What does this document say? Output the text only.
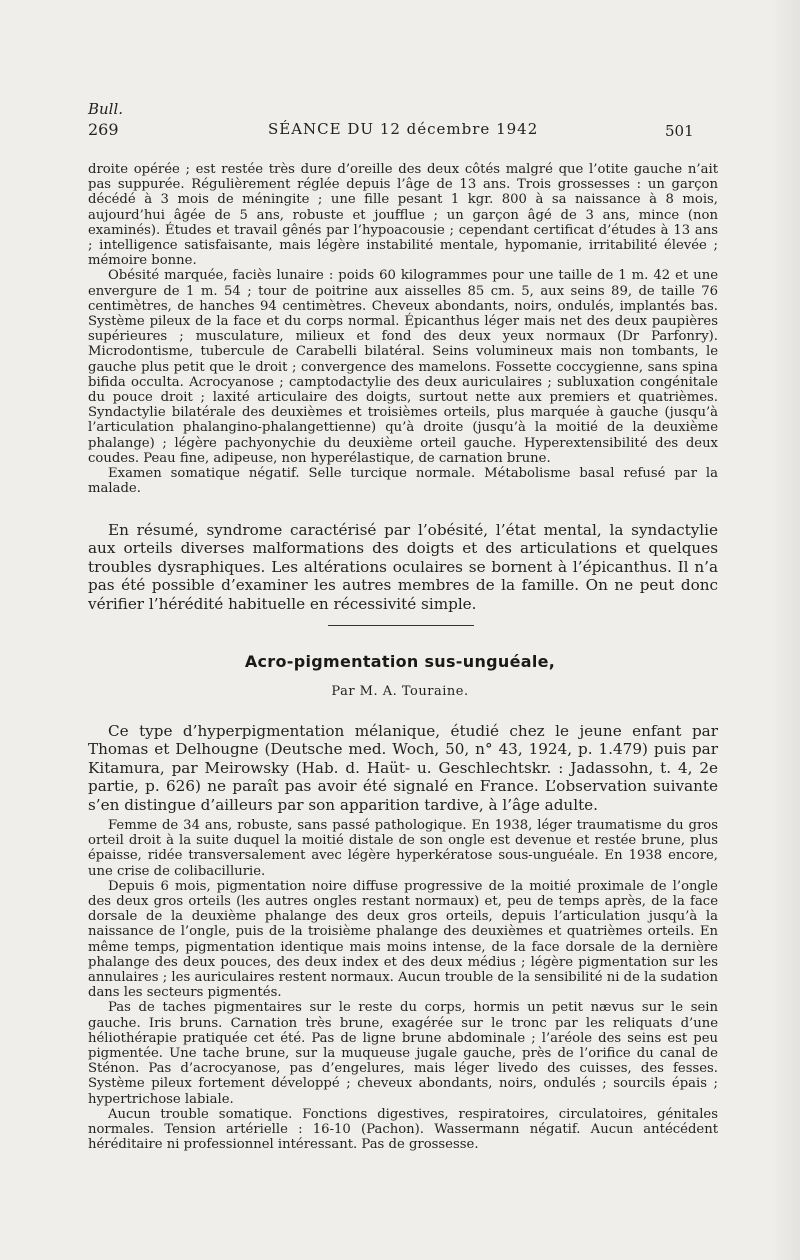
Bull.
269	SÉANCE DU 12 décembre 1942	501

droite opérée ; est restée très dure d’oreille des deux côtés malgré que l’otite gauche n’ait pas suppurée. Régulièrement réglée depuis l’âge de 13 ans. Trois grossesses : un garçon décédé à 3 mois de méningite ; une fille pesant 1 kgr. 800 à sa naissance à 8 mois, aujourd’hui âgée de 5 ans, robuste et joufflue ; un garçon âgé de 3 ans, mince (non examinés). Études et travail gênés par l’hypoacousie ; cependant certificat d’études à 13 ans ; intelligence satisfaisante, mais légère instabilité mentale, hypomanie, irritabilité élevée ; mémoire bonne.

Obésité marquée, faciès lunaire : poids 60 kilogrammes pour une taille de 1 m. 42 et une envergure de 1 m. 54 ; tour de poitrine aux aisselles 85 cm. 5, aux seins 89, de taille 76 centimètres, de hanches 94 centimètres. Cheveux abondants, noirs, ondulés, implantés bas. Système pileux de la face et du corps normal. Épicanthus léger mais net des deux paupières supérieures ; musculature, milieux et fond des deux yeux normaux (Dr Parfonry). Microdontisme, tubercule de Carabelli bilatéral. Seins volumineux mais non tombants, le gauche plus petit que le droit ; convergence des mamelons. Fossette coccygienne, sans spina bifida occulta. Acrocyanose ; camptodactylie des deux auriculaires ; subluxation congénitale du pouce droit ; laxité articulaire des doigts, surtout nette aux premiers et quatrièmes. Syndactylie bilatérale des deuxièmes et troisièmes orteils, plus marquée à gauche (jusqu’à l’articulation phalangino-phalangettienne) qu’à droite (jusqu’à la moitié de la deuxième phalange) ; légère pachyonychie du deuxième orteil gauche. Hyperextensibilité des deux coudes. Peau fine, adipeuse, non hyperélastique, de carnation brune.

Examen somatique négatif. Selle turcique normale. Métabolisme basal refusé par la malade.

En résumé, syndrome caractérisé par l’obésité, l’état mental, la syndactylie aux orteils diverses malformations des doigts et des articulations et quelques troubles dysraphiques. Les altérations oculaires se bornent à l’épicanthus. Il n’a pas été possible d’examiner les autres membres de la famille. On ne peut donc vérifier l’hérédité habituelle en récessivité simple.

Acro-pigmentation sus-unguéale,
Par M. A. Touraine.

Ce type d’hyperpigmentation mélanique, étudié chez le jeune enfant par Thomas et Delhougne (Deutsche med. Woch, 50, n° 43, 1924, p. 1.479) puis par Kitamura, par Meirowsky (Hab. d. Haüt- u. Geschlechtskr. : Jadassohn, t. 4, 2e partie, p. 626) ne paraît pas avoir été signalé en France. L’observation suivante s’en distingue d’ailleurs par son apparition tardive, à l’âge adulte.

Femme de 34 ans, robuste, sans passé pathologique. En 1938, léger traumatisme du gros orteil droit à la suite duquel la moitié distale de son ongle est devenue et restée brune, plus épaisse, ridée transversalement avec légère hyperkératose sous-unguéale. En 1938 encore, une crise de colibacillurie.

Depuis 6 mois, pigmentation noire diffuse progressive de la moitié proximale de l’ongle des deux gros orteils (les autres ongles restant normaux) et, peu de temps après, de la face dorsale de la deuxième phalange des deux gros orteils, depuis l’articulation jusqu’à la naissance de l’ongle, puis de la troisième phalange des deuxièmes et quatrièmes orteils. En même temps, pigmentation identique mais moins intense, de la face dorsale de la dernière phalange des deux pouces, des deux index et des deux médius ; légère pigmentation sur les annulaires ; les auriculaires restent normaux. Aucun trouble de la sensibilité ni de la sudation dans les secteurs pigmentés.

Pas de taches pigmentaires sur le reste du corps, hormis un petit nævus sur le sein gauche. Iris bruns. Carnation très brune, exagérée sur le tronc par les reliquats d’une héliothérapie pratiquée cet été. Pas de ligne brune abdominale ; l’aréole des seins est peu pigmentée. Une tache brune, sur la muqueuse jugale gauche, près de l’orifice du canal de Sténon. Pas d’acrocyanose, pas d’engelures, mais léger livedo des cuisses, des fesses. Système pileux fortement développé ; cheveux abondants, noirs, ondulés ; sourcils épais ; hypertrichose labiale.

Aucun trouble somatique. Fonctions digestives, respiratoires, circulatoires, génitales normales. Tension artérielle : 16-10 (Pachon). Wassermann négatif. Aucun antécédent héréditaire ni professionnel intéressant. Pas de grossesse.
